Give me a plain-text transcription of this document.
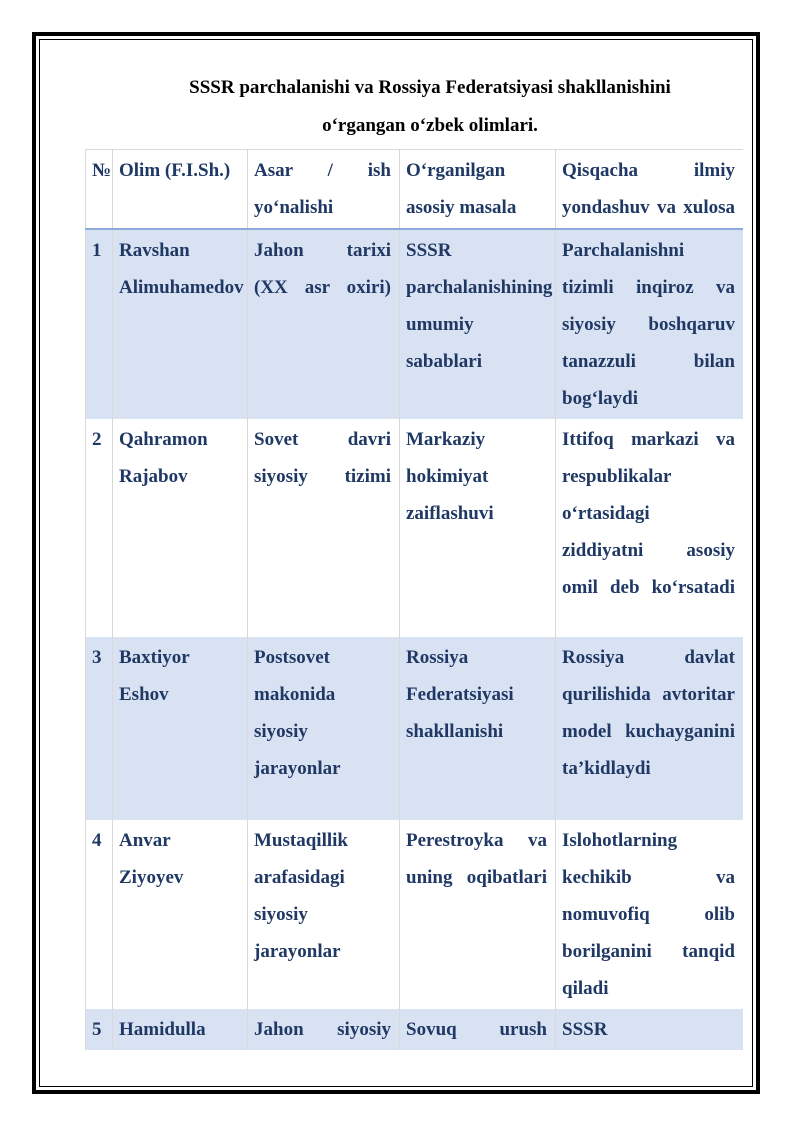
SSSR parchalanishi va Rossiya Federatsiyasi shakllanishini
o‘rgangan o‘zbek olimlari.
№	Olim (F.I.Sh.)	Asar / ish yo‘nalishi	O‘rganilgan asosiy masala	Qisqacha ilmiy yondashuv va xulosa
1	Ravshan Alimuhamedov	Jahon tarixi (XX asr oxiri)	SSSR parchalanishining umumiy sabablari	Parchalanishni tizimli inqiroz va siyosiy boshqaruv tanazzuli bilan bog‘laydi
2	Qahramon Rajabov	Sovet davri siyosiy tizimi	Markaziy hokimiyat zaiflashuvi	Ittifoq markazi va respublikalar o‘rtasidagi ziddiyatni asosiy omil deb ko‘rsatadi
3	Baxtiyor Eshov	Postsovet makonida siyosiy jarayonlar	Rossiya Federatsiyasi shakllanishi	Rossiya davlat qurilishida avtoritar model kuchayganini ta’kidlaydi
4	Anvar Ziyoyev	Mustaqillik arafasidagi siyosiy jarayonlar	Perestroyka va uning oqibatlari	Islohotlarning kechikib va nomuvofiq olib borilganini tanqid qiladi
5	Hamidulla	Jahon siyosiy	Sovuq urush	SSSR
